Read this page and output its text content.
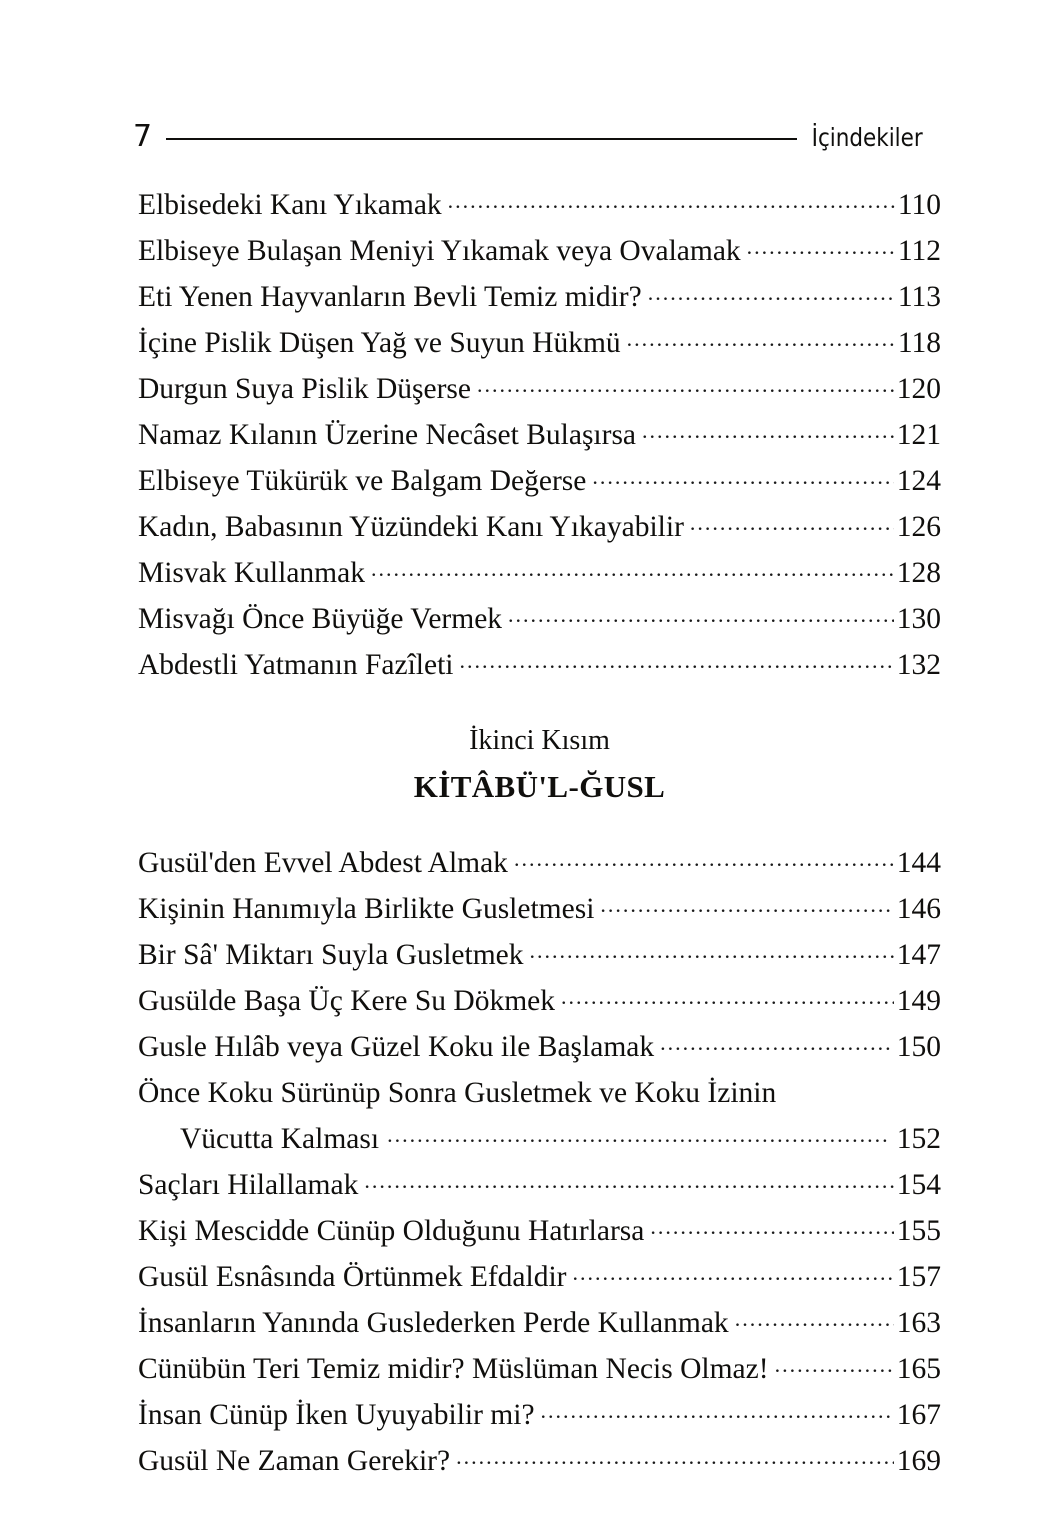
7	İçindekiler
Elbisedeki Kanı Yıkamak .....	110
Elbiseye Bulaşan Meniyi Yıkamak veya Ovalamak .....	112
Eti Yenen Hayvanların Bevli Temiz midir? .....	113
İçine Pislik Düşen Yağ ve Suyun Hükmü .....	118
Durgun Suya Pislik Düşerse .....	120
Namaz Kılanın Üzerine Necâset Bulaşırsa .....	121
Elbiseye Tükürük ve Balgam Değerse .....	124
Kadın, Babasının Yüzündeki Kanı Yıkayabilir .....	126
Misvak Kullanmak .....	128
Misvağı Önce Büyüğe Vermek .....	130
Abdestli Yatmanın Fazîleti .....	132
İkinci Kısım
KİTÂBÜ'L-ĞUSL
Gusül'den Evvel Abdest Almak .....	144
Kişinin Hanımıyla Birlikte Gusletmesi .....	146
Bir Sâ' Miktarı Suyla Gusletmek .....	147
Gusülde Başa Üç Kere Su Dökmek .....	149
Gusle Hılâb veya Güzel Koku ile Başlamak .....	150
Önce Koku Sürünüp Sonra Gusletmek ve Koku İzinin
Vücutta Kalması .....	152
Saçları Hilallamak .....	154
Kişi Mescidde Cünüp Olduğunu Hatırlarsa .....	155
Gusül Esnâsında Örtünmek Efdaldir .....	157
İnsanların Yanında Guslederken Perde Kullanmak .....	163
Cünübün Teri Temiz midir? Müslüman Necis Olmaz! .....	165
İnsan Cünüp İken Uyuyabilir mi? .....	167
Gusül Ne Zaman Gerekir? .....	169
